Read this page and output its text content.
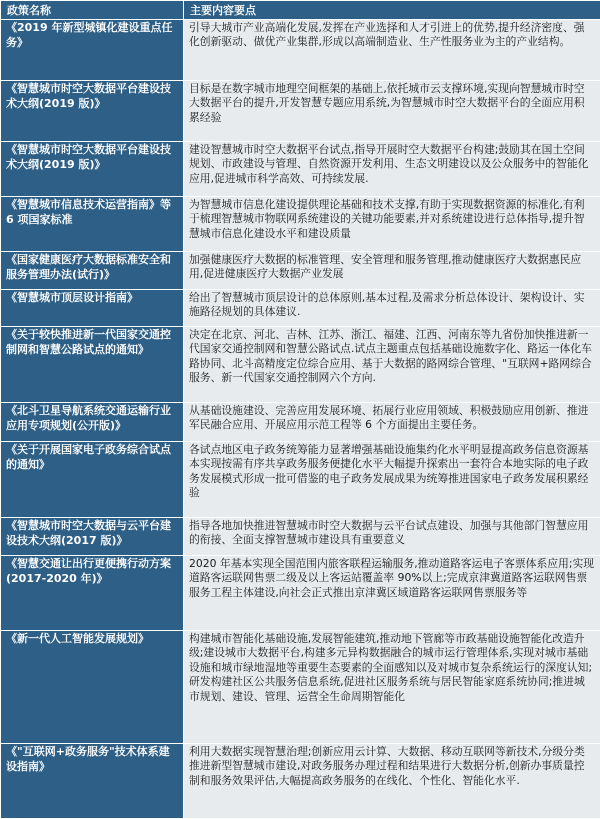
政策名称	主要内容要点
《2019 年新型城镇化建设重点任务》	引导大城市产业高端化发展,发挥在产业选择和人才引进上的优势,提升经济密度、强化创新驱动、做优产业集群,形成以高端制造业、生产性服务业为主的产业结构。
《智慧城市时空大数据平台建设技术大纲(2019 版)》	目标是在数字城市地理空间框架的基础上,依托城市云支撑环境,实现向智慧城市时空大数据平台的提升,开发智慧专题应用系统,为智慧城市时空大数据平台的全面应用积累经验
《智慧城市时空大数据平台建设技术大纲(2019 版)》	建设智慧城市时空大数据平台试点,指导开展时空大数据平台构建;鼓励其在国土空间规划、市政建设与管理、自然资源开发利用、生态文明建设以及公众服务中的智能化应用,促进城市科学高效、可持续发展.
《智慧城市信息技术运营指南》等 6 项国家标准	为智慧城市信息化建设提供理论基础和技术支撑,有助于实现数据资源的标准化,有利于梳理智慧城市物联网系统建设的关键功能要素,并对系统建设进行总体指导,提升智慧城市信息化建设水平和建设质量
《国家健康医疗大数据标准安全和服务管理办法(试行)》	加强健康医疗大数据的标准管理、安全管理和服务管理,推动健康医疗大数据惠民应用,促进健康医疗大数据产业发展
《智慧城市顶层设计指南》	给出了智慧城市顶层设计的总体原则,基本过程,及需求分析总体设计、架构设计、实施路径规划的具体建议.
《关于较快推进新一代国家交通控制网和智慧公路试点的通知》	决定在北京、河北、吉林、江苏、浙江、福建、江西、河南东等九省份加快推进新一代国家交通控制网和智慧公路试点.试点主题重点包括基础设施数字化、路运一体化车路协同、北斗高精度定位综合应用、基于大数据的路网综合管理、"互联网+路网综合服务、新一代国家交通控制网六个方向.
《北斗卫星导航系统交通运输行业应用专项规划(公开版)》	从基础设施建设、完善应用发展环境、拓展行业应用领域、积极鼓励应用创新、推进军民融合应用、开展应用示范工程等 6 个方面提出主要任务。
《关于开展国家电子政务综合试点的通知》	各试点地区电子政务统筹能力显著增强基础设施集约化水平明显提高政务信息资源基本实现按需有序共享政务服务便捷化水平大幅提升探索出一套符合本地实际的电子政务发展模式形成一批可借鉴的电子政务发展成果为统筹推进国家电子政务发展积累经验
《智慧城市时空大数据与云平台建设技术大纲(2017 版)》	指导各地加快推进智慧城市时空大数据与云平台试点建设、加强与其他部门智慧应用的衔接、全面支撑智慧城市建设具有重要意义
《智慧交通让出行更便携行动方案(2017-2020 年)》	2020 年基本实现全国范围内旅客联程运输服务,推动道路客运电子客票体系应用;实现道路客运联网售票二级及以上客运站覆盖率 90%以上;完成京津冀道路客运联网售票服务工程主体建设,向社会正式推出京津冀区域道路客运联网售票服务等
《新一代人工智能发展规划》	构建城市智能化基础设施,发展智能建筑,推动地下管廊等市政基础设施智能化改造升级;建设城市大数据平台,构建多元异构数据融合的城市运行管理体系,实现对城市基础设施和城市绿地湿地等重要生态要素的全面感知以及对城市复杂系统运行的深度认知;研发构建社区公共服务信息系统,促进社区服务系统与居民智能家庭系统协同;推进城市规划、建设、管理、运营全生命周期智能化
《"互联网+政务服务"技术体系建设指南》	利用大数据实现智慧治理;创新应用云计算、大数据、移动互联网等新技术,分级分类推进新型智慧城市建设,对政务服务办理过程和结果进行大数据分析,创新办事质量控制和服务效果评估,大幅提高政务服务的在线化、个性化、智能化水平.
